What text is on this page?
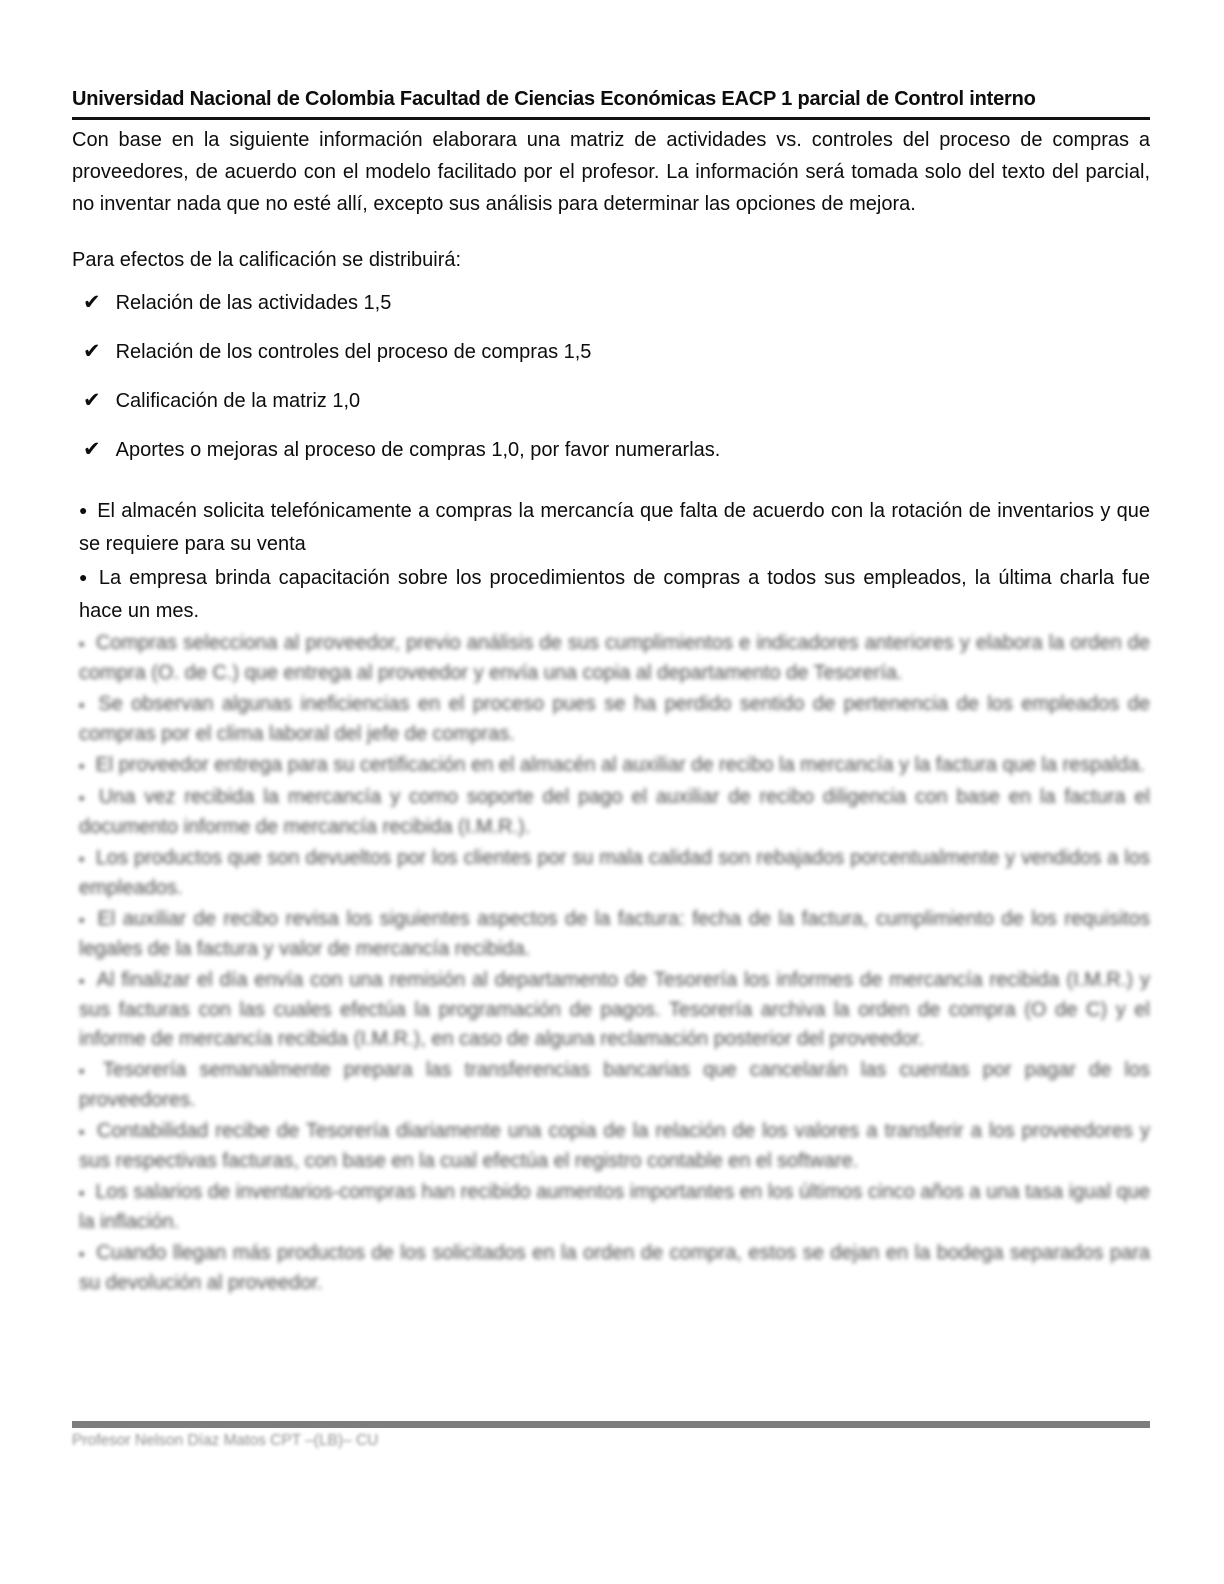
Universidad Nacional de Colombia Facultad de Ciencias Económicas EACP 1 parcial de Control interno

Con base en la siguiente información elaborara una matriz de actividades vs. controles del proceso de compras a proveedores, de acuerdo con el modelo facilitado por el profesor. La información será tomada solo del texto del parcial, no inventar nada que no esté allí, excepto sus análisis para determinar las opciones de mejora.

Para efectos de la calificación se distribuirá:

✔ Relación de las actividades 1,5
✔ Relación de los controles del proceso de compras 1,5
✔ Calificación de la matriz 1,0
✔ Aportes o mejoras al proceso de compras 1,0, por favor numerarlas.
● El almacén solicita telefónicamente a compras la mercancía que falta de acuerdo con la rotación de inventarios y que se requiere para su venta
● La empresa brinda capacitación sobre los procedimientos de compras a todos sus empleados, la última charla fue hace un mes.
▪ Compras selecciona al proveedor, previo análisis de sus cumplimientos e indicadores anteriores y elabora la orden de compra (O. de C.) que entrega al proveedor y envía una copia al departamento de Tesorería.
▪ Se observan algunas ineficiencias en el proceso pues se ha perdido sentido de pertenencia de los empleados de compras por el clima laboral del jefe de compras.
▪ El proveedor entrega para su certificación en el almacén al auxiliar de recibo la mercancía y la factura que la respalda.
▪ Una vez recibida la mercancía y como soporte del pago el auxiliar de recibo diligencia con base en la factura el documento informe de mercancía recibida (I.M.R.).
▪ Los productos que son devueltos por los clientes por su mala calidad son rebajados porcentualmente y vendidos a los empleados.
▪ El auxiliar de recibo revisa los siguientes aspectos de la factura: fecha de la factura, cumplimiento de los requisitos legales de la factura y valor de mercancía recibida.
▪ Al finalizar el día envía con una remisión al departamento de Tesorería los informes de mercancía recibida (I.M.R.) y sus facturas con las cuales efectúa la programación de pagos. Tesorería archiva la orden de compra (O de C) y el informe de mercancía recibida (I.M.R.), en caso de alguna reclamación posterior del proveedor.
▪ Tesorería semanalmente prepara las transferencias bancarias que cancelarán las cuentas por pagar de los proveedores.
▪ Contabilidad recibe de Tesorería diariamente una copia de la relación de los valores a transferir a los proveedores y sus respectivas facturas, con base en la cual efectúa el registro contable en el software.
▪ Los salarios de inventarios-compras han recibido aumentos importantes en los últimos cinco años a una tasa igual que la inflación.
▪ Cuando llegan más productos de los solicitados en la orden de compra, estos se dejan en la bodega separados para su devolución al proveedor.
Profesor Nelson Díaz Matos CPT –(LB)– CU
